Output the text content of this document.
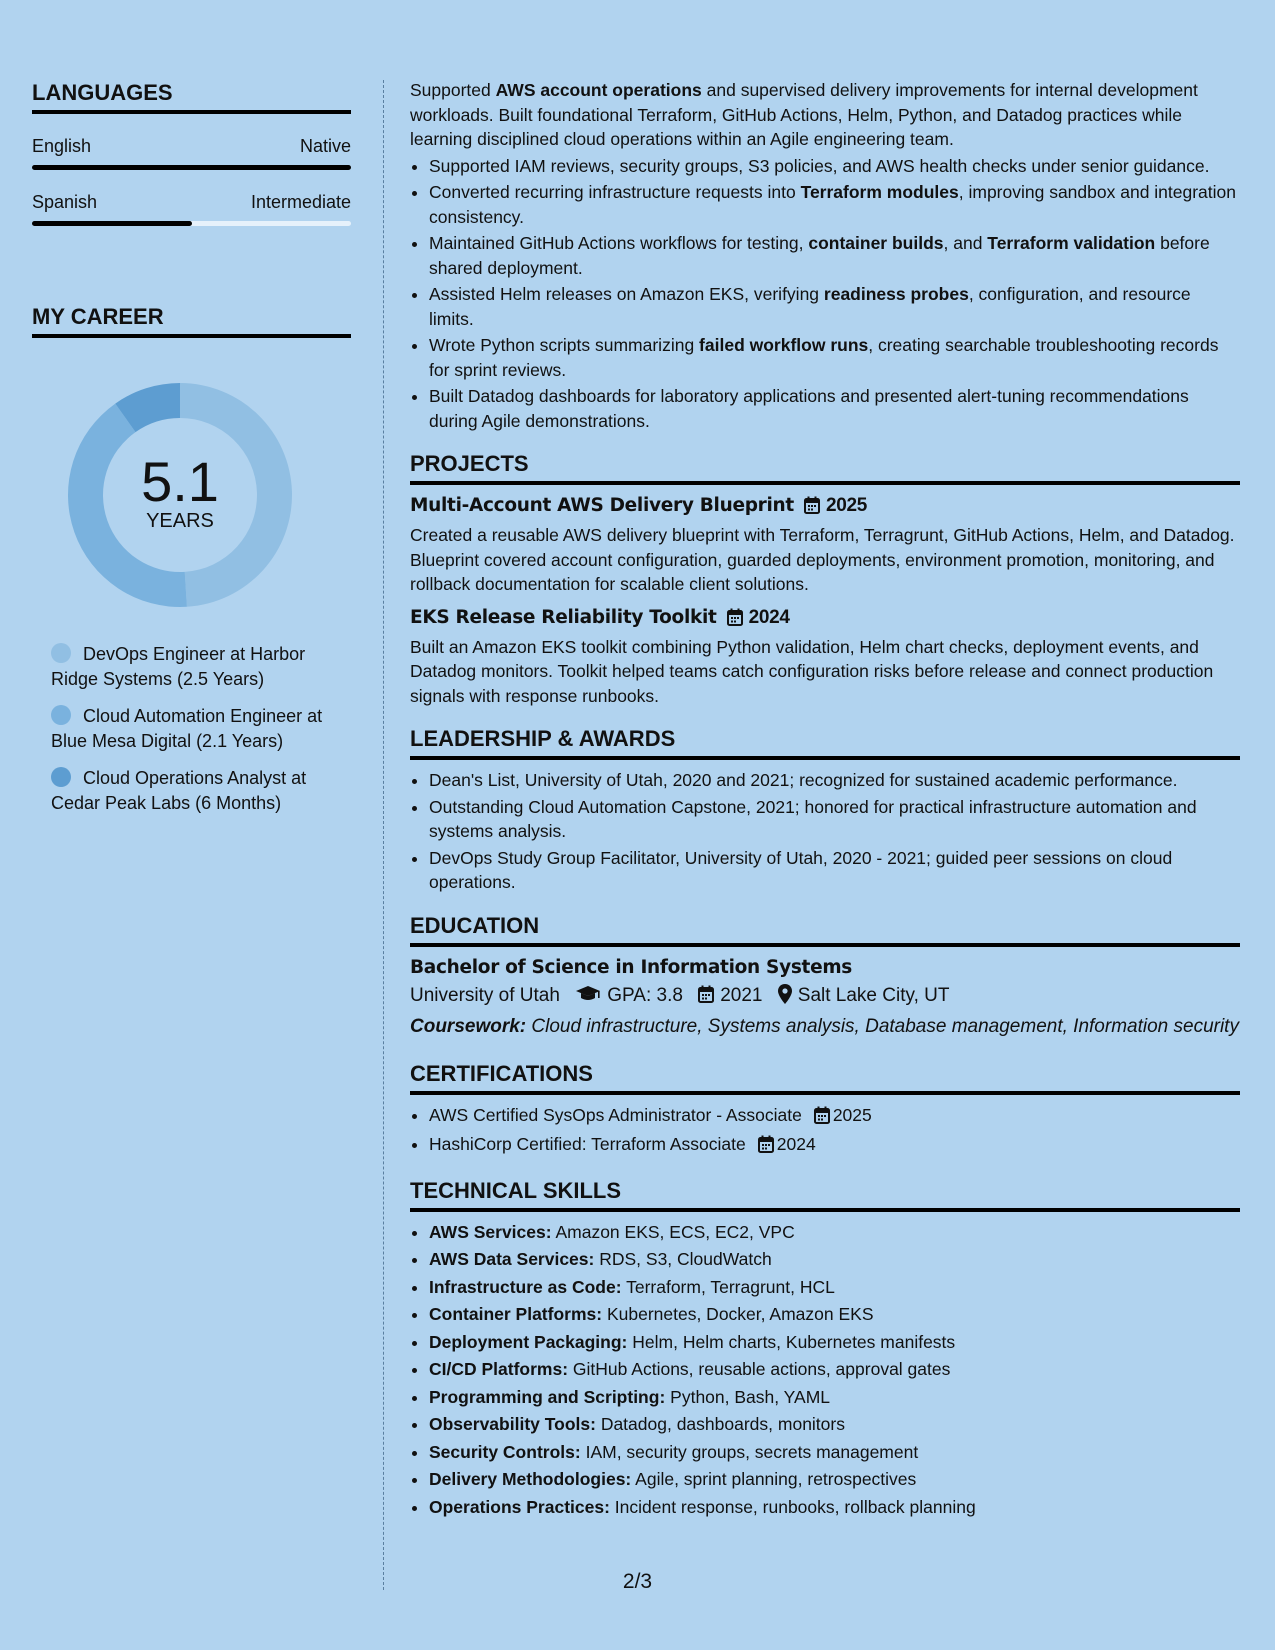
LANGUAGES
English	Native
Spanish	Intermediate
MY CAREER
5.1
YEARS
DevOps Engineer at Harbor Ridge Systems (2.5 Years)
Cloud Automation Engineer at Blue Mesa Digital (2.1 Years)
Cloud Operations Analyst at Cedar Peak Labs (6 Months)

Supported AWS account operations and supervised delivery improvements for internal development workloads. Built foundational Terraform, GitHub Actions, Helm, Python, and Datadog practices while learning disciplined cloud operations within an Agile engineering team.

• Supported IAM reviews, security groups, S3 policies, and AWS health checks under senior guidance.
• Converted recurring infrastructure requests into Terraform modules, improving sandbox and integration consistency.
• Maintained GitHub Actions workflows for testing, container builds, and Terraform validation before shared deployment.
• Assisted Helm releases on Amazon EKS, verifying readiness probes, configuration, and resource limits.
• Wrote Python scripts summarizing failed workflow runs, creating searchable troubleshooting records for sprint reviews.
• Built Datadog dashboards for laboratory applications and presented alert-tuning recommendations during Agile demonstrations.
PROJECTS
Multi-Account AWS Delivery Blueprint 2025

Created a reusable AWS delivery blueprint with Terraform, Terragrunt, GitHub Actions, Helm, and Datadog. Blueprint covered account configuration, guarded deployments, environment promotion, monitoring, and rollback documentation for scalable client solutions.

EKS Release Reliability Toolkit 2024

Built an Amazon EKS toolkit combining Python validation, Helm chart checks, deployment events, and Datadog monitors. Toolkit helped teams catch configuration risks before release and connect production signals with response runbooks.

LEADERSHIP & AWARDS
• Dean's List, University of Utah, 2020 and 2021; recognized for sustained academic performance.
• Outstanding Cloud Automation Capstone, 2021; honored for practical infrastructure automation and systems analysis.
• DevOps Study Group Facilitator, University of Utah, 2020 - 2021; guided peer sessions on cloud operations.
EDUCATION
Bachelor of Science in Information Systems
University of Utah GPA: 3.8 2021 Salt Lake City, UT
Coursework: Cloud infrastructure, Systems analysis, Database management, Information security
CERTIFICATIONS
• AWS Certified SysOps Administrator - Associate 2025
• HashiCorp Certified: Terraform Associate 2024
TECHNICAL SKILLS
• AWS Services: Amazon EKS, ECS, EC2, VPC
• AWS Data Services: RDS, S3, CloudWatch
• Infrastructure as Code: Terraform, Terragrunt, HCL
• Container Platforms: Kubernetes, Docker, Amazon EKS
• Deployment Packaging: Helm, Helm charts, Kubernetes manifests
• CI/CD Platforms: GitHub Actions, reusable actions, approval gates
• Programming and Scripting: Python, Bash, YAML
• Observability Tools: Datadog, dashboards, monitors
• Security Controls: IAM, security groups, secrets management
• Delivery Methodologies: Agile, sprint planning, retrospectives
• Operations Practices: Incident response, runbooks, rollback planning
2/3
